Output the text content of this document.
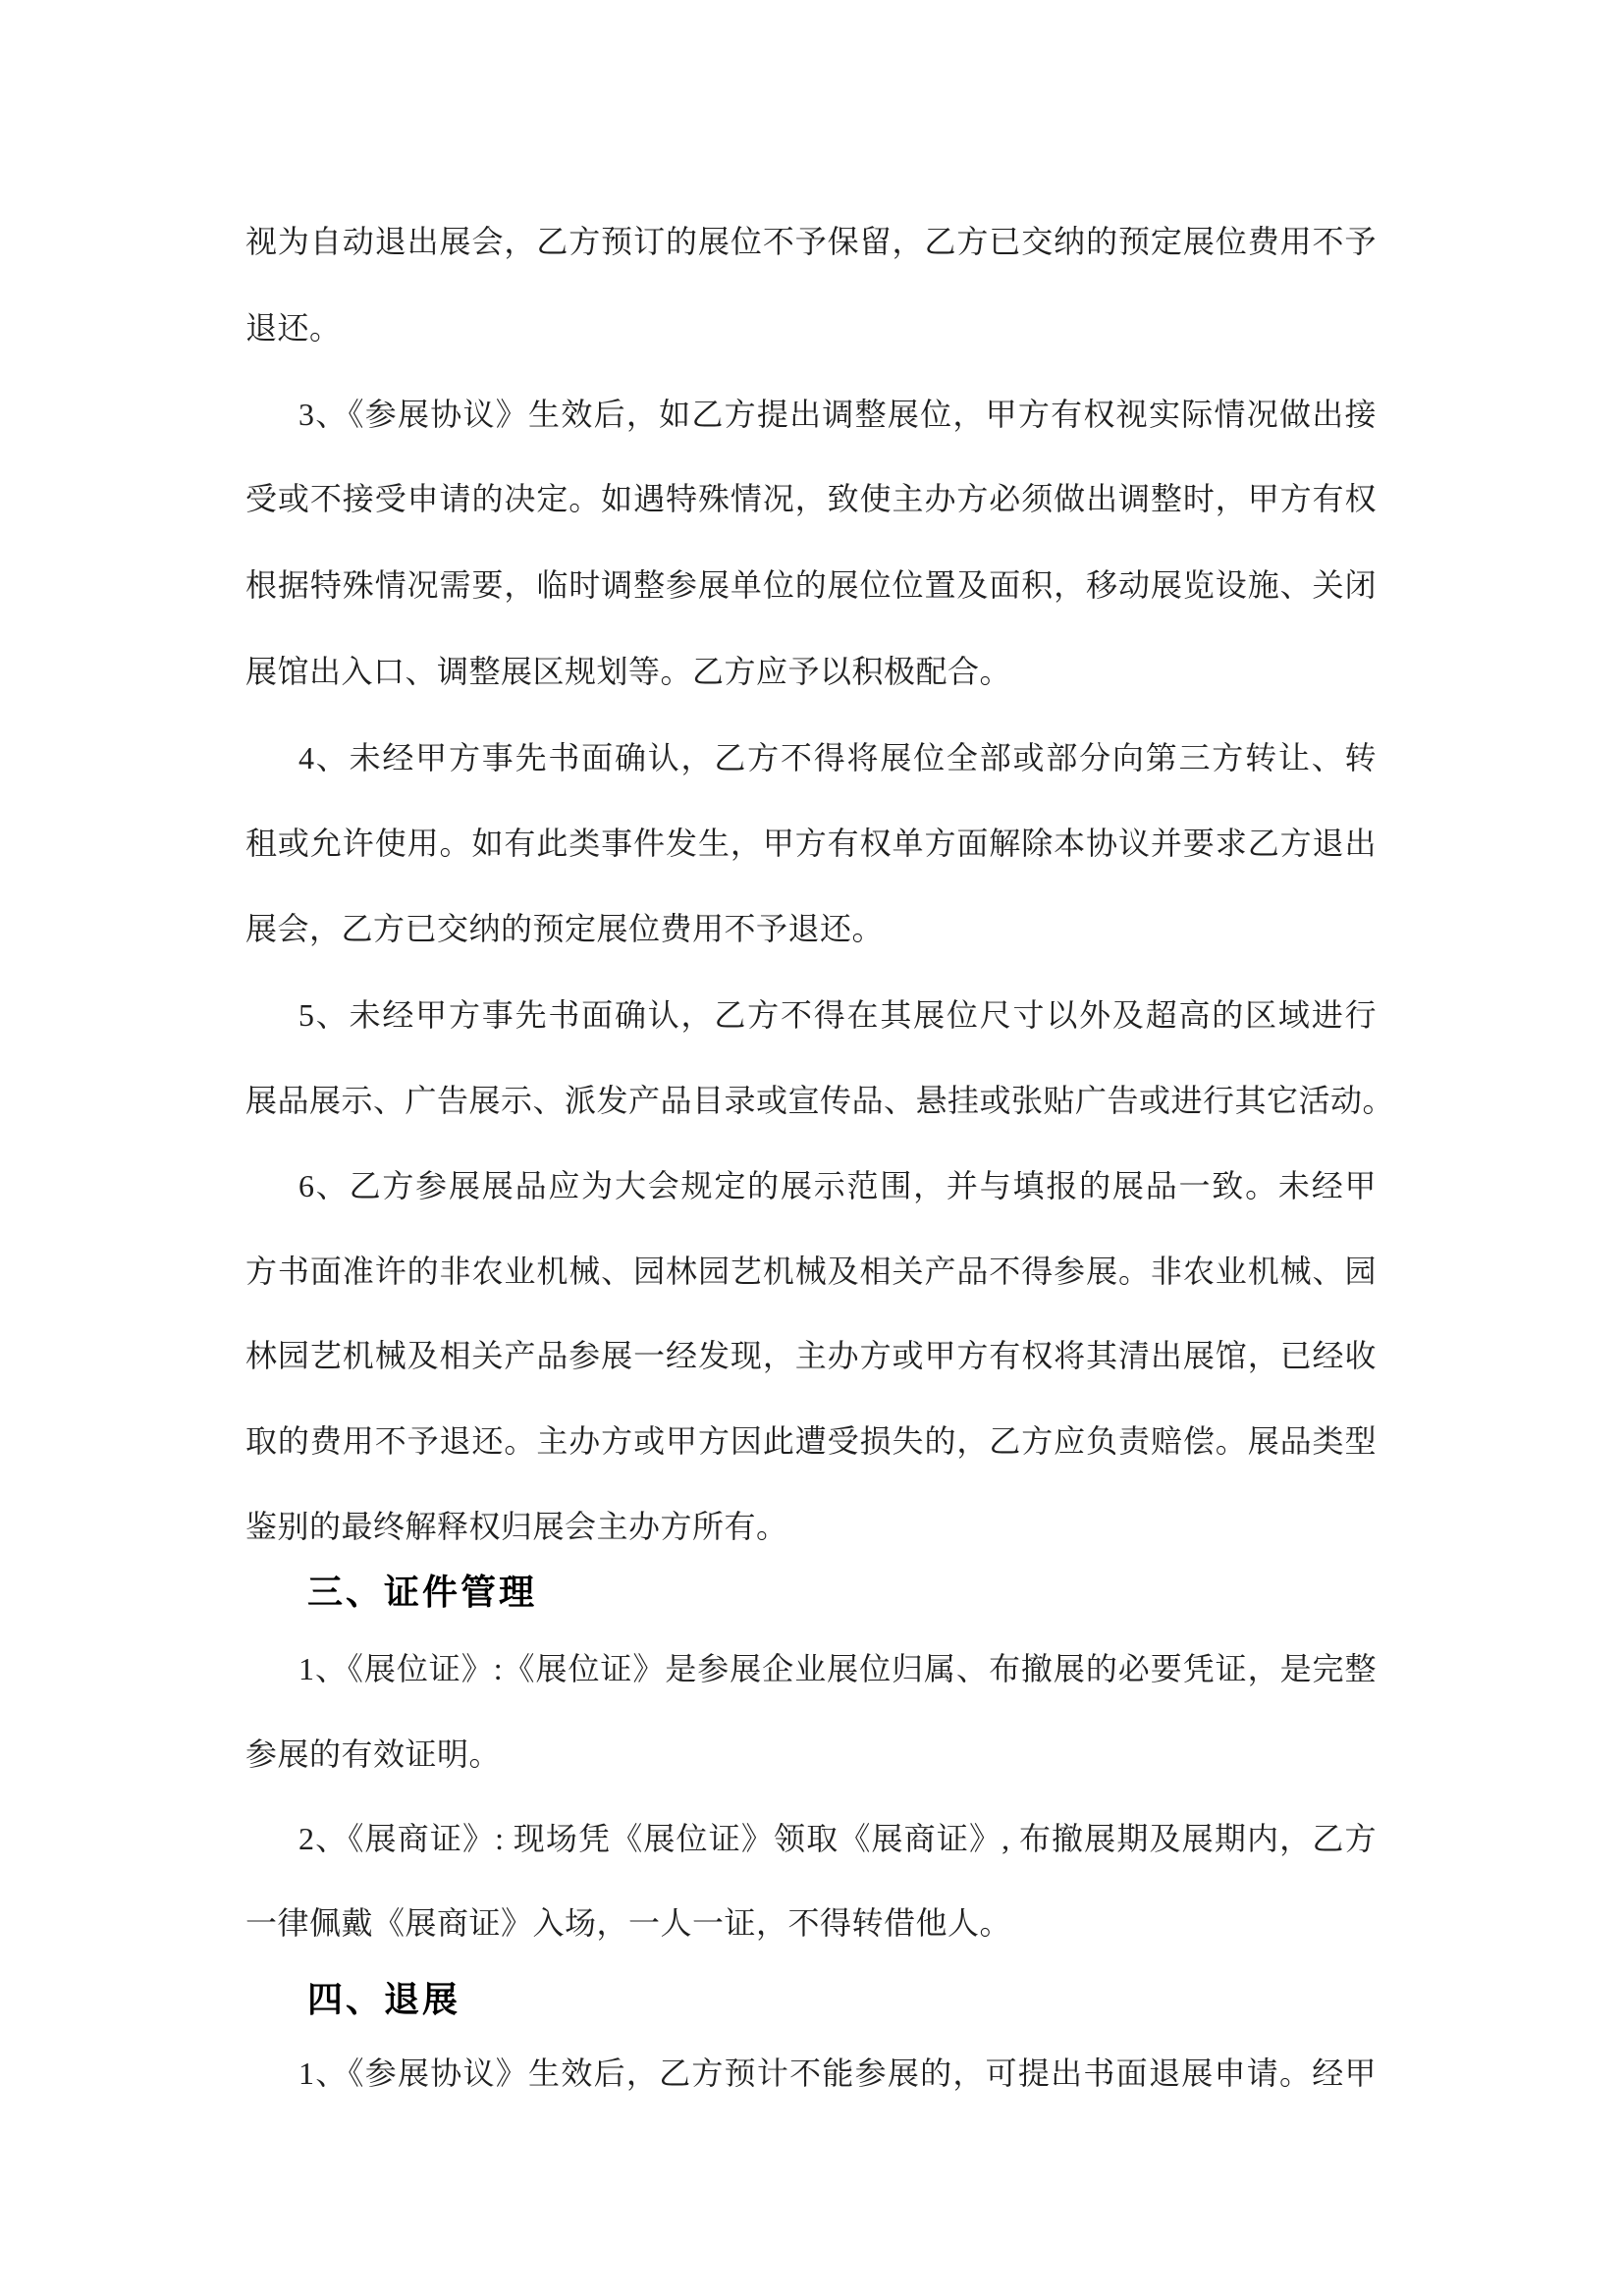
视为自动退出展会，乙方预订的展位不予保留，乙方已交纳的预定展位费用不予
退还。
3、《参展协议》生效后，如乙方提出调整展位，甲方有权视实际情况做出接
受或不接受申请的决定。如遇特殊情况，致使主办方必须做出调整时，甲方有权
根据特殊情况需要，临时调整参展单位的展位位置及面积，移动展览设施、关闭
展馆出入口、调整展区规划等。乙方应予以积极配合。
4、未经甲方事先书面确认，乙方不得将展位全部或部分向第三方转让、转
租或允许使用。如有此类事件发生，甲方有权单方面解除本协议并要求乙方退出
展会，乙方已交纳的预定展位费用不予退还。
5、未经甲方事先书面确认，乙方不得在其展位尺寸以外及超高的区域进行
展品展示、广告展示、派发产品目录或宣传品、悬挂或张贴广告或进行其它活动。
6、乙方参展展品应为大会规定的展示范围，并与填报的展品一致。未经甲
方书面准许的非农业机械、园林园艺机械及相关产品不得参展。非农业机械、园
林园艺机械及相关产品参展一经发现，主办方或甲方有权将其清出展馆，已经收
取的费用不予退还。主办方或甲方因此遭受损失的，乙方应负责赔偿。展品类型
鉴别的最终解释权归展会主办方所有。
三、证件管理
1、《展位证》:《展位证》是参展企业展位归属、布撤展的必要凭证，是完整
参展的有效证明。
2、《展商证》: 现场凭《展位证》领取《展商证》, 布撤展期及展期内，乙方
一律佩戴《展商证》入场，一人一证，不得转借他人。
四、退展
1、《参展协议》生效后，乙方预计不能参展的，可提出书面退展申请。经甲
